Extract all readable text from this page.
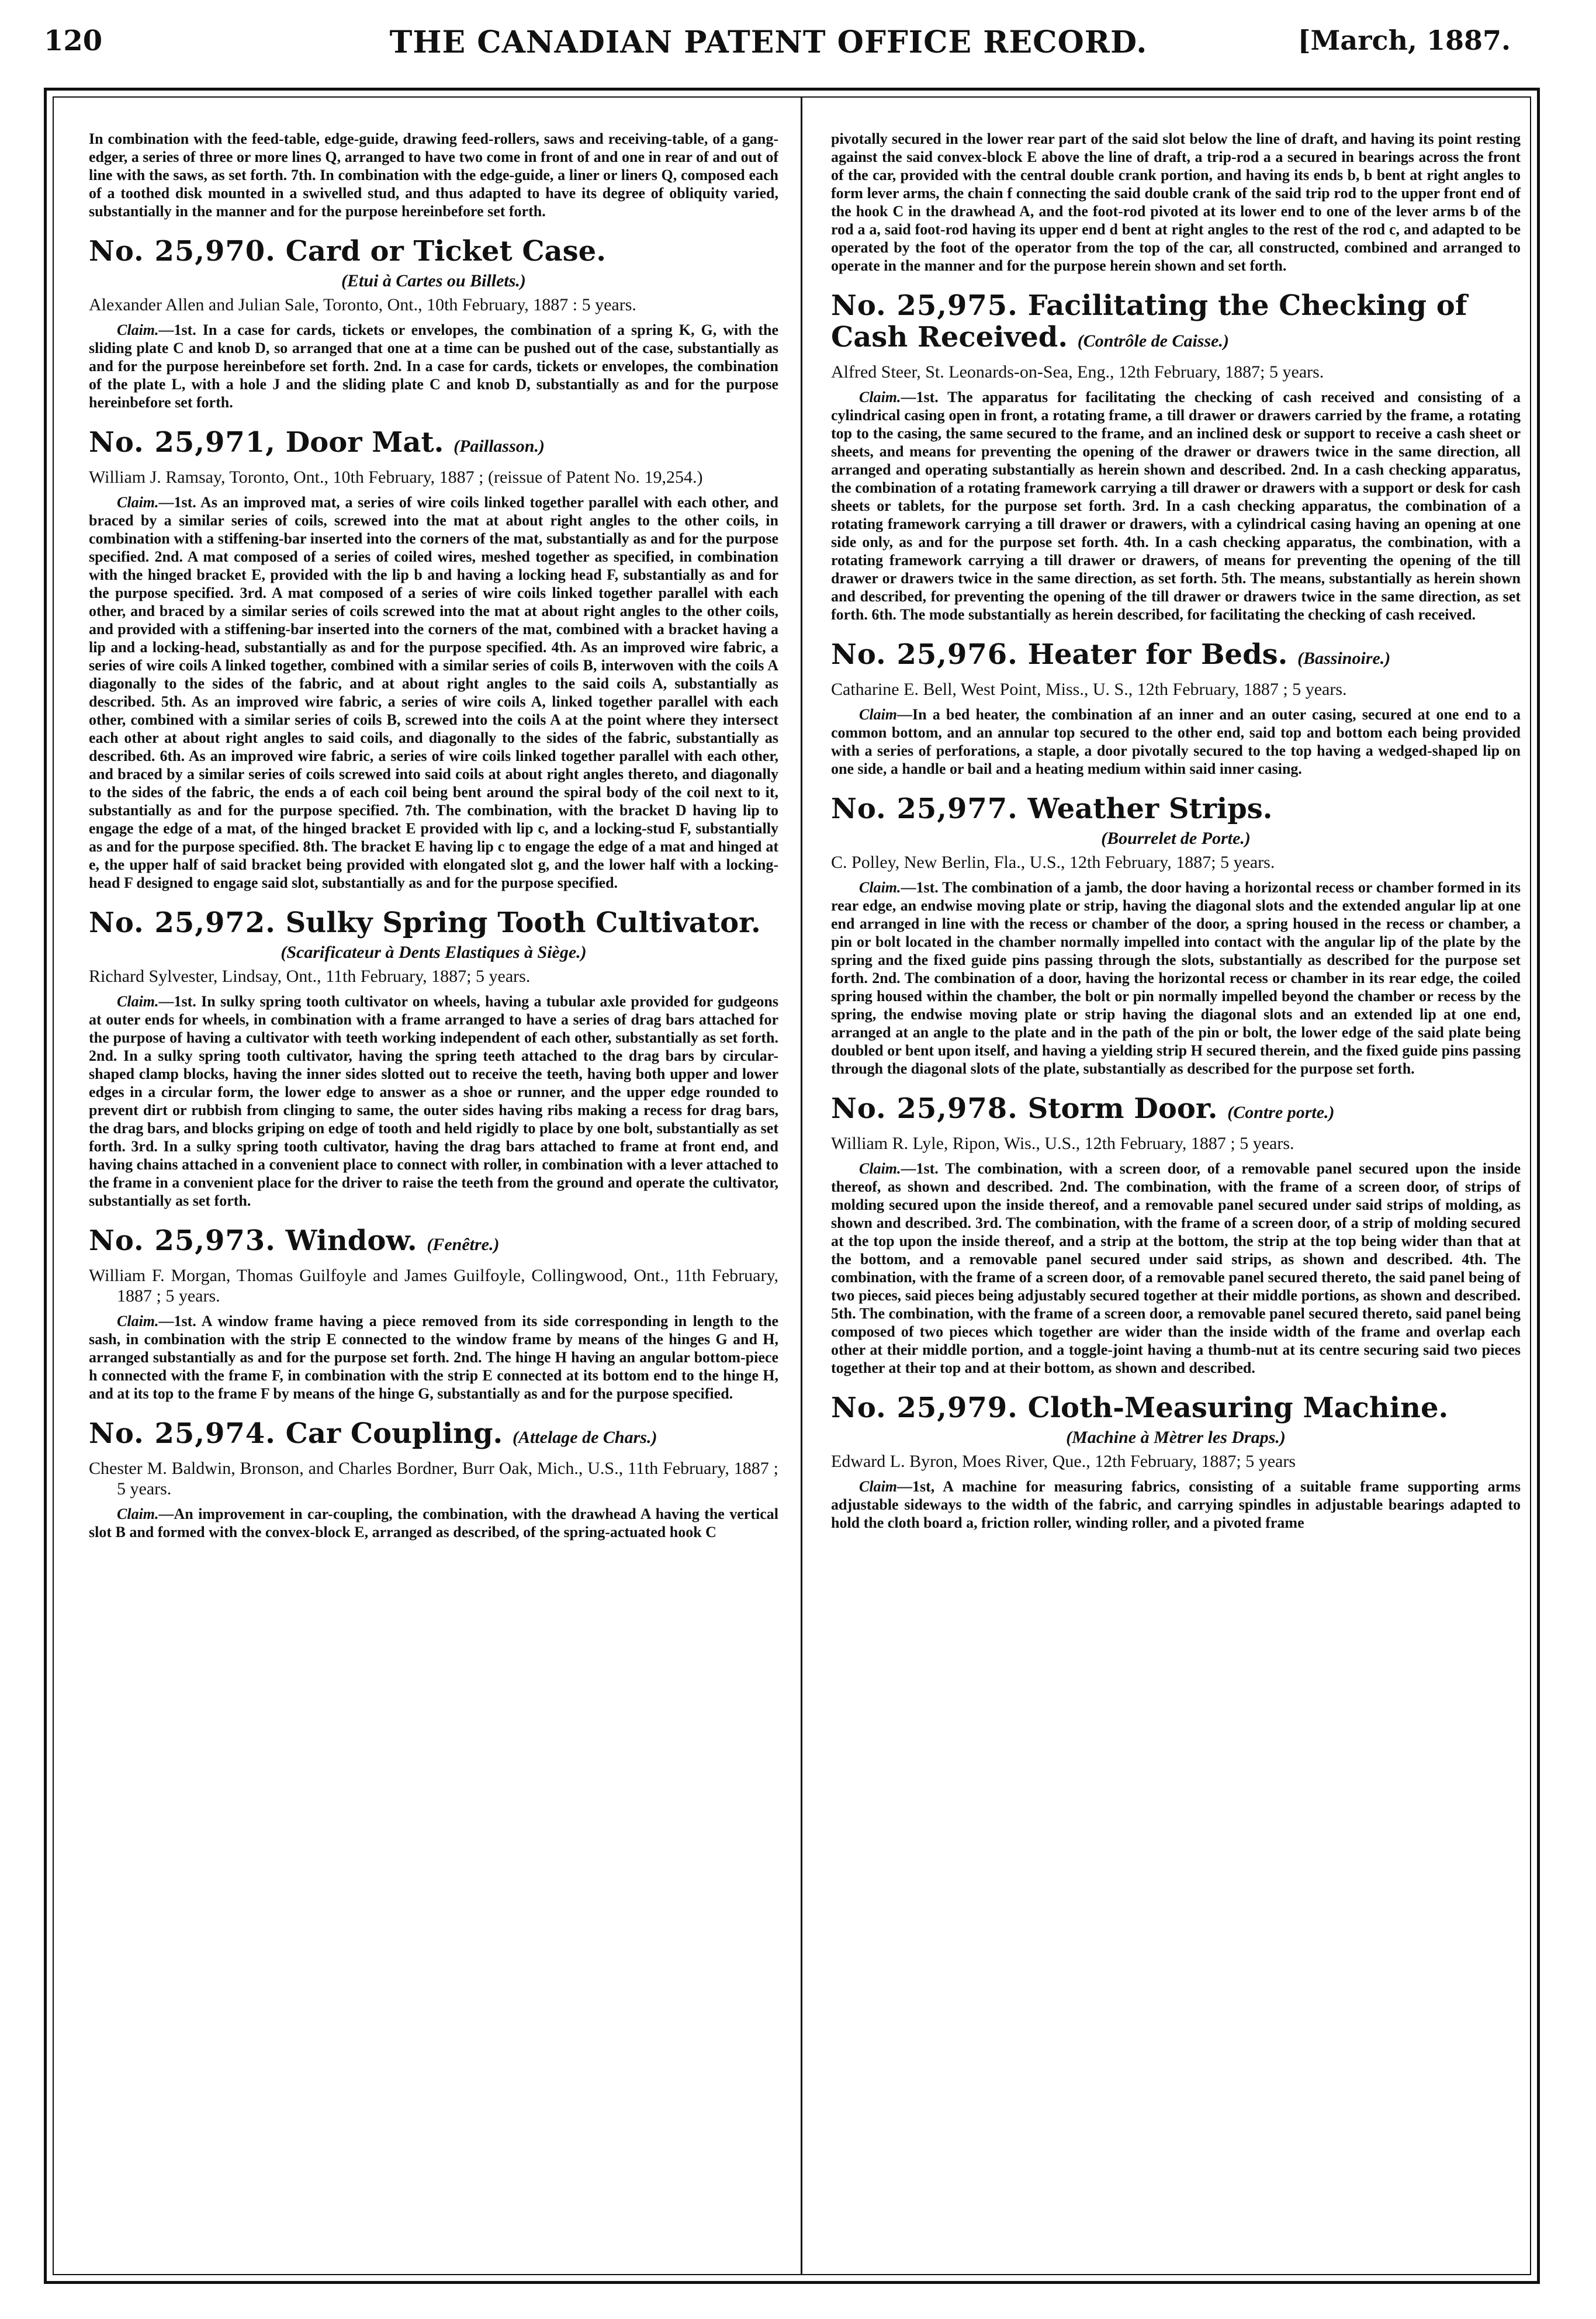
120	THE CANADIAN PATENT OFFICE RECORD.	[March, 1887.

In combination with the feed-table, edge-guide, drawing feed-rollers, saws and receiving-table, of a gang-edger, a series of three or more lines Q, arranged to have two come in front of and one in rear of and out of line with the saws, as set forth. 7th. In combination with the edge-guide, a liner or liners Q, composed each of a toothed disk mounted in a swivelled stud, and thus adapted to have its degree of obliquity varied, substantially in the manner and for the purpose hereinbefore set forth.

No. 25,970. Card or Ticket Case.
(Etui à Cartes ou Billets.)
Alexander Allen and Julian Sale, Toronto, Ont., 10th February, 1887 : 5 years.

Claim.—1st. In a case for cards, tickets or envelopes, the combination of a spring K, G, with the sliding plate C and knob D, so arranged that one at a time can be pushed out of the case, substantially as and for the purpose hereinbefore set forth. 2nd. In a case for cards, tickets or envelopes, the combination of the plate L, with a hole J and the sliding plate C and knob D, substantially as and for the purpose hereinbefore set forth.

No. 25,971, Door Mat. (Paillasson.)
William J. Ramsay, Toronto, Ont., 10th February, 1887 ; (reissue of Patent No. 19,254.)

Claim.—1st. As an improved mat, a series of wire coils linked together parallel with each other, and braced by a similar series of coils, screwed into the mat at about right angles to the other coils, in combination with a stiffening-bar inserted into the corners of the mat, substantially as and for the purpose specified. 2nd. A mat composed of a series of coiled wires, meshed together as specified, in combination with the hinged bracket E, provided with the lip b and having a locking head F, substantially as and for the purpose specified. 3rd. A mat composed of a series of wire coils linked together parallel with each other, and braced by a similar series of coils screwed into the mat at about right angles to the other coils, and provided with a stiffening-bar inserted into the corners of the mat, combined with a bracket having a lip and a locking-head, substantially as and for the purpose specified. 4th. As an improved wire fabric, a series of wire coils A linked together, combined with a similar series of coils B, interwoven with the coils A diagonally to the sides of the fabric, and at about right angles to the said coils A, substantially as described. 5th. As an improved wire fabric, a series of wire coils A, linked together parallel with each other, combined with a similar series of coils B, screwed into the coils A at the point where they intersect each other at about right angles to said coils, and diagonally to the sides of the fabric, substantially as described. 6th. As an improved wire fabric, a series of wire coils linked together parallel with each other, and braced by a similar series of coils screwed into said coils at about right angles thereto, and diagonally to the sides of the fabric, the ends a of each coil being bent around the spiral body of the coil next to it, substantially as and for the purpose specified. 7th. The combination, with the bracket D having lip to engage the edge of a mat, of the hinged bracket E provided with lip c, and a locking-stud F, substantially as and for the purpose specified. 8th. The bracket E having lip c to engage the edge of a mat and hinged at e, the upper half of said bracket being provided with elongated slot g, and the lower half with a locking-head F designed to engage said slot, substantially as and for the purpose specified.

No. 25,972. Sulky Spring Tooth Cultivator.
(Scarificateur à Dents Elastiques à Siège.)
Richard Sylvester, Lindsay, Ont., 11th February, 1887; 5 years.

Claim.—1st. In sulky spring tooth cultivator on wheels, having a tubular axle provided for gudgeons at outer ends for wheels, in combination with a frame arranged to have a series of drag bars attached for the purpose of having a cultivator with teeth working independent of each other, substantially as set forth. 2nd. In a sulky spring tooth cultivator, having the spring teeth attached to the drag bars by circular-shaped clamp blocks, having the inner sides slotted out to receive the teeth, having both upper and lower edges in a circular form, the lower edge to answer as a shoe or runner, and the upper edge rounded to prevent dirt or rubbish from clinging to same, the outer sides having ribs making a recess for drag bars, the drag bars, and blocks griping on edge of tooth and held rigidly to place by one bolt, substantially as set forth. 3rd. In a sulky spring tooth cultivator, having the drag bars attached to frame at front end, and having chains attached in a convenient place to connect with roller, in combination with a lever attached to the frame in a convenient place for the driver to raise the teeth from the ground and operate the cultivator, substantially as set forth.

No. 25,973. Window. (Fenêtre.)
William F. Morgan, Thomas Guilfoyle and James Guilfoyle, Collingwood, Ont., 11th February, 1887 ; 5 years.

Claim.—1st. A window frame having a piece removed from its side corresponding in length to the sash, in combination with the strip E connected to the window frame by means of the hinges G and H, arranged substantially as and for the purpose set forth. 2nd. The hinge H having an angular bottom-piece h connected with the frame F, in combination with the strip E connected at its bottom end to the hinge H, and at its top to the frame F by means of the hinge G, substantially as and for the purpose specified.

No. 25,974. Car Coupling. (Attelage de Chars.)
Chester M. Baldwin, Bronson, and Charles Bordner, Burr Oak, Mich., U.S., 11th February, 1887 ; 5 years.

Claim.—An improvement in car-coupling, the combination, with the drawhead A having the vertical slot B and formed with the convex-block E, arranged as described, of the spring-actuated hook C

pivotally secured in the lower rear part of the said slot below the line of draft, and having its point resting against the said convex-block E above the line of draft, a trip-rod a a secured in bearings across the front of the car, provided with the central double crank portion, and having its ends b, b bent at right angles to form lever arms, the chain f connecting the said double crank of the said trip rod to the upper front end of the hook C in the drawhead A, and the foot-rod pivoted at its lower end to one of the lever arms b of the rod a a, said foot-rod having its upper end d bent at right angles to the rest of the rod c, and adapted to be operated by the foot of the operator from the top of the car, all constructed, combined and arranged to operate in the manner and for the purpose herein shown and set forth.

No. 25,975. Facilitating the Checking of Cash Received. (Contrôle de Caisse.)
Alfred Steer, St. Leonards-on-Sea, Eng., 12th February, 1887; 5 years.

Claim.—1st. The apparatus for facilitating the checking of cash received and consisting of a cylindrical casing open in front, a rotating frame, a till drawer or drawers carried by the frame, a rotating top to the casing, the same secured to the frame, and an inclined desk or support to receive a cash sheet or sheets, and means for preventing the opening of the drawer or drawers twice in the same direction, all arranged and operating substantially as herein shown and described. 2nd. In a cash checking apparatus, the combination of a rotating framework carrying a till drawer or drawers with a support or desk for cash sheets or tablets, for the purpose set forth. 3rd. In a cash checking apparatus, the combination of a rotating framework carrying a till drawer or drawers, with a cylindrical casing having an opening at one side only, as and for the purpose set forth. 4th. In a cash checking apparatus, the combination, with a rotating framework carrying a till drawer or drawers, of means for preventing the opening of the till drawer or drawers twice in the same direction, as set forth. 5th. The means, substantially as herein shown and described, for preventing the opening of the till drawer or drawers twice in the same direction, as set forth. 6th. The mode substantially as herein described, for facilitating the checking of cash received.

No. 25,976. Heater for Beds. (Bassinoire.)
Catharine E. Bell, West Point, Miss., U. S., 12th February, 1887 ; 5 years.

Claim—In a bed heater, the combination af an inner and an outer casing, secured at one end to a common bottom, and an annular top secured to the other end, said top and bottom each being provided with a series of perforations, a staple, a door pivotally secured to the top having a wedged-shaped lip on one side, a handle or bail and a heating medium within said inner casing.

No. 25,977. Weather Strips.
(Bourrelet de Porte.)
C. Polley, New Berlin, Fla., U.S., 12th February, 1887; 5 years.

Claim.—1st. The combination of a jamb, the door having a horizontal recess or chamber formed in its rear edge, an endwise moving plate or strip, having the diagonal slots and the extended angular lip at one end arranged in line with the recess or chamber of the door, a spring housed in the recess or chamber, a pin or bolt located in the chamber normally impelled into contact with the angular lip of the plate by the spring and the fixed guide pins passing through the slots, substantially as described for the purpose set forth. 2nd. The combination of a door, having the horizontal recess or chamber in its rear edge, the coiled spring housed within the chamber, the bolt or pin normally impelled beyond the chamber or recess by the spring, the endwise moving plate or strip having the diagonal slots and an extended lip at one end, arranged at an angle to the plate and in the path of the pin or bolt, the lower edge of the said plate being doubled or bent upon itself, and having a yielding strip H secured therein, and the fixed guide pins passing through the diagonal slots of the plate, substantially as described for the purpose set forth.

No. 25,978. Storm Door. (Contre porte.)
William R. Lyle, Ripon, Wis., U.S., 12th February, 1887 ; 5 years.

Claim.—1st. The combination, with a screen door, of a removable panel secured upon the inside thereof, as shown and described. 2nd. The combination, with the frame of a screen door, of strips of molding secured upon the inside thereof, and a removable panel secured under said strips of molding, as shown and described. 3rd. The combination, with the frame of a screen door, of a strip of molding secured at the top upon the inside thereof, and a strip at the bottom, the strip at the top being wider than that at the bottom, and a removable panel secured under said strips, as shown and described. 4th. The combination, with the frame of a screen door, of a removable panel secured thereto, the said panel being of two pieces, said pieces being adjustably secured together at their middle portions, as shown and described. 5th. The combination, with the frame of a screen door, a removable panel secured thereto, said panel being composed of two pieces which together are wider than the inside width of the frame and overlap each other at their middle portion, and a toggle-joint having a thumb-nut at its centre securing said two pieces together at their top and at their bottom, as shown and described.

No. 25,979. Cloth-Measuring Machine.
(Machine à Mètrer les Draps.)
Edward L. Byron, Moes River, Que., 12th February, 1887; 5 years

Claim—1st, A machine for measuring fabrics, consisting of a suitable frame supporting arms adjustable sideways to the width of the fabric, and carrying spindles in adjustable bearings adapted to hold the cloth board a, friction roller, winding roller, and a pivoted frame
